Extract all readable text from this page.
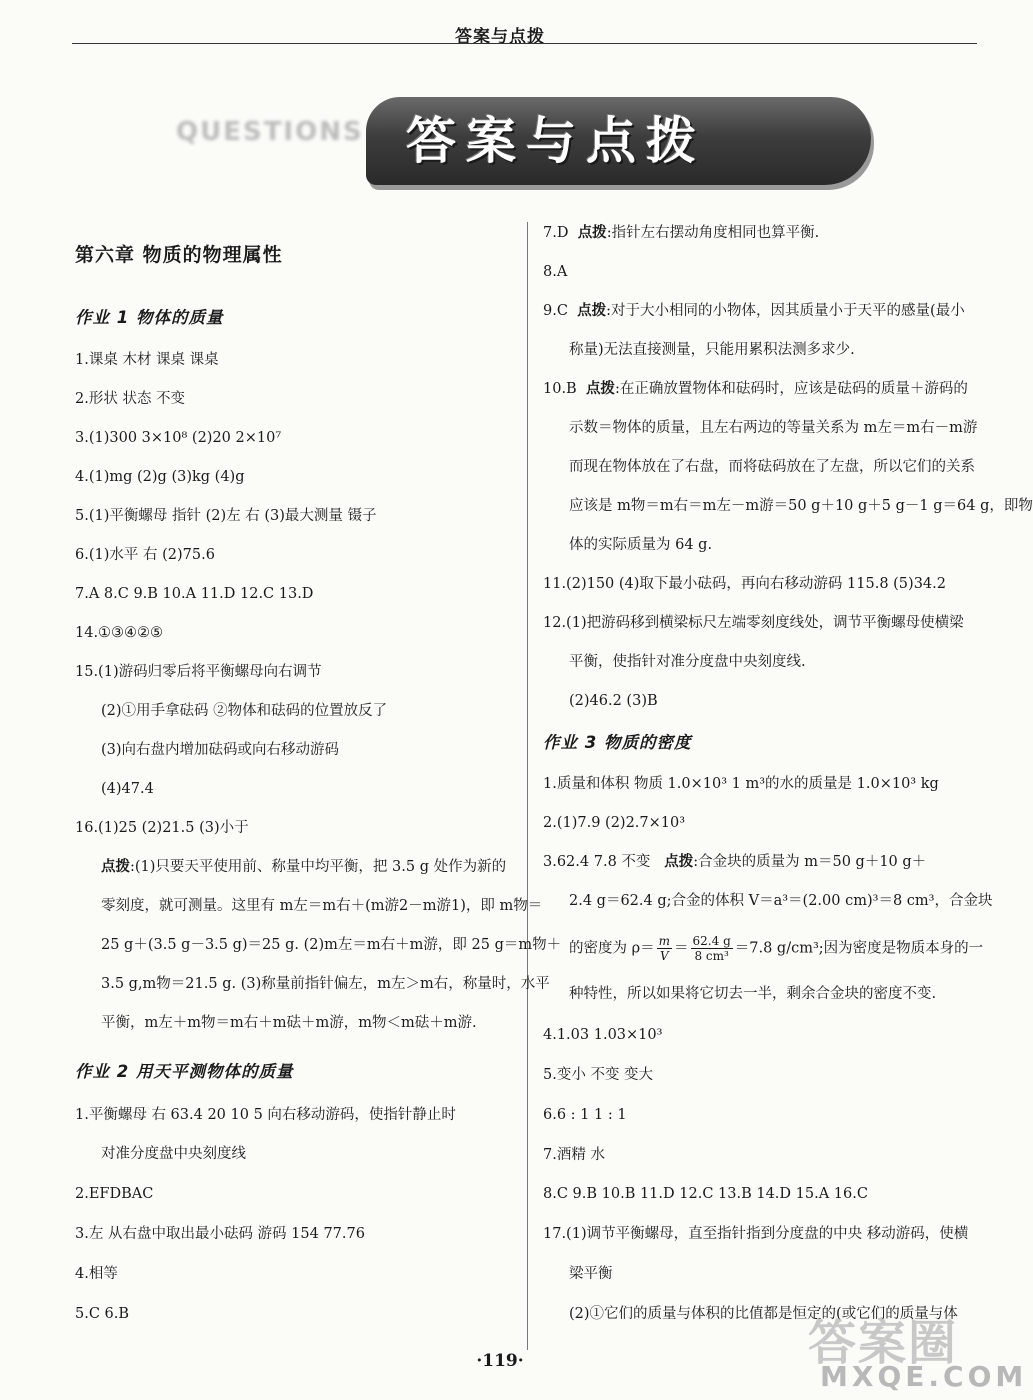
答案与点拨
QUESTIONS 答案与点拨
第六章 物质的物理属性
作业 1 物体的质量
1.课桌 木材 课桌 课桌
2.形状 状态 不变
3.(1)300 3×10⁸ (2)20 2×10⁷
4.(1)mg (2)g (3)kg (4)g
5.(1)平衡螺母 指针 (2)左 右 (3)最大测量 镊子
6.(1)水平 右 (2)75.6
7.A 8.C 9.B 10.A 11.D 12.C 13.D
14.①③④②⑤
15.(1)游码归零后将平衡螺母向右调节
(2)①用手拿砝码 ②物体和砝码的位置放反了
(3)向右盘内增加砝码或向右移动游码
(4)47.4
16.(1)25 (2)21.5 (3)小于
点拨:(1)只要天平使用前、称量中均平衡，把 3.5 g 处作为新的
零刻度，就可测量。这里有 m左＝m右＋(m游2－m游1)，即 m物＝
25 g＋(3.5 g－3.5 g)＝25 g. (2)m左＝m右＋m游，即 25 g＝m物＋
3.5 g,m物＝21.5 g. (3)称量前指针偏左，m左＞m右，称量时，水平
平衡，m左＋m物＝m右＋m砝＋m游，m物＜m砝＋m游.
作业 2 用天平测物体的质量
1.平衡螺母 右 63.4 20 10 5 向右移动游码，使指针静止时
对准分度盘中央刻度线
2.EFDBAC
3.左 从右盘中取出最小砝码 游码 154 77.76
4.相等
5.C 6.B
7.D 点拨:指针左右摆动角度相同也算平衡.
8.A
9.C 点拨:对于大小相同的小物体，因其质量小于天平的感量(最小
称量)无法直接测量，只能用累积法测多求少.
10.B 点拨:在正确放置物体和砝码时，应该是砝码的质量＋游码的
示数＝物体的质量，且左右两边的等量关系为 m左＝m右－m游
而现在物体放在了右盘，而将砝码放在了左盘，所以它们的关系
应该是 m物＝m右＝m左－m游＝50 g＋10 g＋5 g－1 g＝64 g，即物
体的实际质量为 64 g.
11.(2)150 (4)取下最小砝码，再向右移动游码 115.8 (5)34.2
12.(1)把游码移到横梁标尺左端零刻度线处，调节平衡螺母使横梁
平衡，使指针对准分度盘中央刻度线.
(2)46.2 (3)B
作业 3 物质的密度
1.质量和体积 物质 1.0×10³ 1 m³的水的质量是 1.0×10³ kg
2.(1)7.9 (2)2.7×10³
3.62.4 7.8 不变 点拨:合金块的质量为 m＝50 g＋10 g＋
2.4 g＝62.4 g;合金的体积 V＝a³＝(2.00 cm)³＝8 cm³，合金块
的密度为 $\rho= \frac{m}{V} = \frac{62.4 g}{\text{8 cm³}} =7.8$ g/cm³;因为密度是物质本身的一
种特性，所以如果将它切去一半，剩余合金块的密度不变.
4.1.03 1.03×10³
5.变小 不变 变大
6.6 : 1 1 : 1
7.酒精 水
8.C 9.B 10.B 11.D 12.C 13.B 14.D 15.A 16.C
17.(1)调节平衡螺母，直至指针指到分度盘的中央 移动游码，使横
梁平衡
(2)①它们的质量与体积的比值都是恒定的(或它们的质量与体
·119·	答案圈
MXQE.COM
